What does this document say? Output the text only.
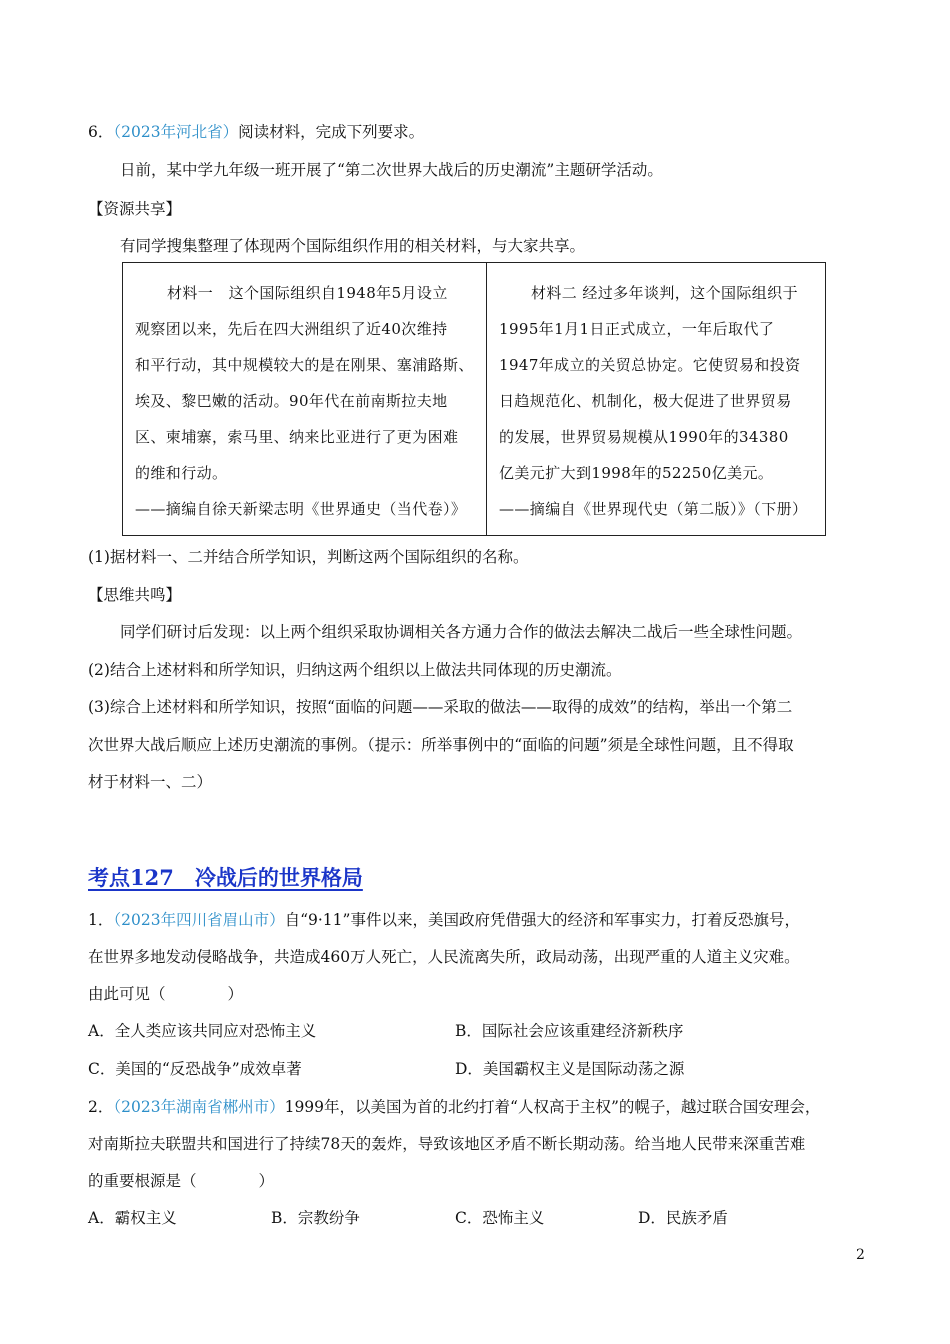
6．（2023年河北省）阅读材料，完成下列要求。
日前，某中学九年级一班开展了“第二次世界大战后的历史潮流”主题研学活动。
【资源共享】
有同学搜集整理了体现两个国际组织作用的相关材料，与大家共享。
材料一　这个国际组织自1948年5月设立
观察团以来，先后在四大洲组织了近40次维持
和平行动，其中规模较大的是在刚果、塞浦路斯、
埃及、黎巴嫩的活动。90年代在前南斯拉夫地
区、柬埔寨，索马里、纳来比亚进行了更为困难
的维和行动。
——摘编自徐天新梁志明《世界通史（当代卷）》
材料二 经过多年谈判，这个国际组织于
1995年1月1日正式成立，一年后取代了
1947年成立的关贸总协定。它使贸易和投资
日趋规范化、机制化，极大促进了世界贸易
的发展，世界贸易规模从1990年的34380
亿美元扩大到1998年的52250亿美元。
——摘编自《世界现代史（第二版）》（下册）
(1)据材料一、二并结合所学知识，判断这两个国际组织的名称。
【思维共鸣】
同学们研讨后发现：以上两个组织采取协调相关各方通力合作的做法去解决二战后一些全球性问题。
(2)结合上述材料和所学知识，归纳这两个组织以上做法共同体现的历史潮流。
(3)综合上述材料和所学知识，按照“面临的问题——采取的做法——取得的成效”的结构，举出一个第二
次世界大战后顺应上述历史潮流的事例。（提示：所举事例中的“面临的问题”须是全球性问题，且不得取
材于材料一、二）
考点127　冷战后的世界格局
1．（2023年四川省眉山市）自“9·11”事件以来，美国政府凭借强大的经济和军事实力，打着反恐旗号，
在世界多地发动侵略战争，共造成460万人死亡，人民流离失所，政局动荡，出现严重的人道主义灾难。
由此可见（　　　　）
A．全人类应该共同应对恐怖主义	B．国际社会应该重建经济新秩序
C．美国的“反恐战争”成效卓著	D．美国霸权主义是国际动荡之源
2．（2023年湖南省郴州市）1999年，以美国为首的北约打着“人权高于主权”的幌子，越过联合国安理会，
对南斯拉夫联盟共和国进行了持续78天的轰炸，导致该地区矛盾不断长期动荡。给当地人民带来深重苦难
的重要根源是（　　　　）
A．霸权主义	B．宗教纷争	C．恐怖主义	D．民族矛盾
2
